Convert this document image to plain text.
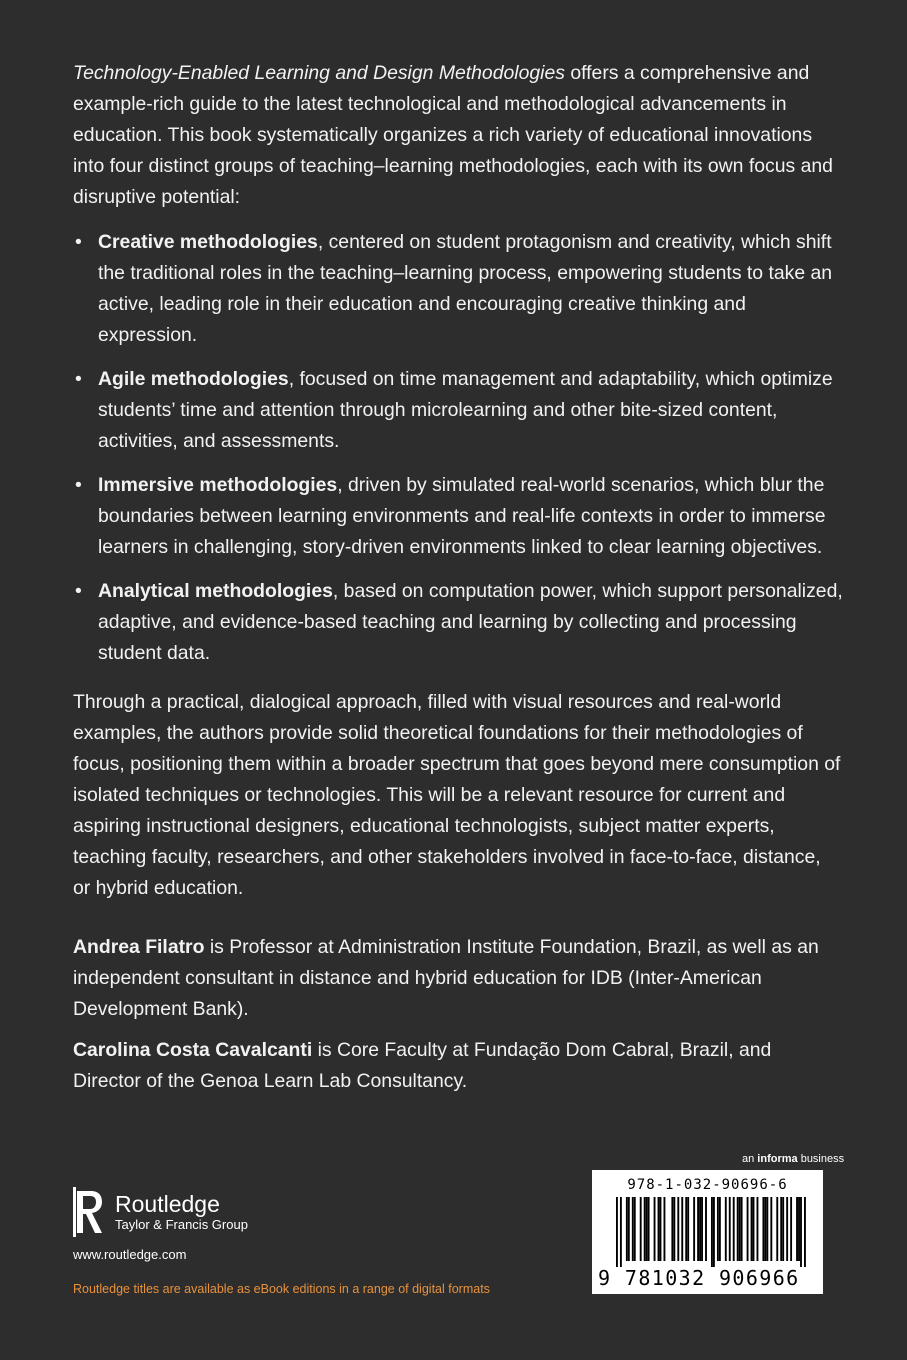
Technology-Enabled Learning and Design Methodologies offers a comprehensive and example-rich guide to the latest technological and methodological advancements in education. This book systematically organizes a rich variety of educational innovations into four distinct groups of teaching–learning methodologies, each with its own focus and disruptive potential:

• Creative methodologies, centered on student protagonism and creativity, which shift the traditional roles in the teaching–learning process, empowering students to take an active, leading role in their education and encouraging creative thinking and expression.
• Agile methodologies, focused on time management and adaptability, which optimize students’ time and attention through microlearning and other bite-sized content, activities, and assessments.
• Immersive methodologies, driven by simulated real-world scenarios, which blur the boundaries between learning environments and real-life contexts in order to immerse learners in challenging, story-driven environments linked to clear learning objectives.
• Analytical methodologies, based on computation power, which support personalized, adaptive, and evidence-based teaching and learning by collecting and processing student data.

Through a practical, dialogical approach, filled with visual resources and real-world examples, the authors provide solid theoretical foundations for their methodologies of focus, positioning them within a broader spectrum that goes beyond mere consumption of isolated techniques or technologies. This will be a relevant resource for current and aspiring instructional designers, educational technologists, subject matter experts, teaching faculty, researchers, and other stakeholders involved in face-to-face, distance, or hybrid education.

Andrea Filatro is Professor at Administration Institute Foundation, Brazil, as well as an independent consultant in distance and hybrid education for IDB (Inter-American Development Bank).

Carolina Costa Cavalcanti is Core Faculty at Fundação Dom Cabral, Brazil, and Director of the Genoa Learn Lab Consultancy.

an informa business
978-1-032-90696-6
9 781032 906966
Routledge
Taylor & Francis Group
www.routledge.com
Routledge titles are available as eBook editions in a range of digital formats
